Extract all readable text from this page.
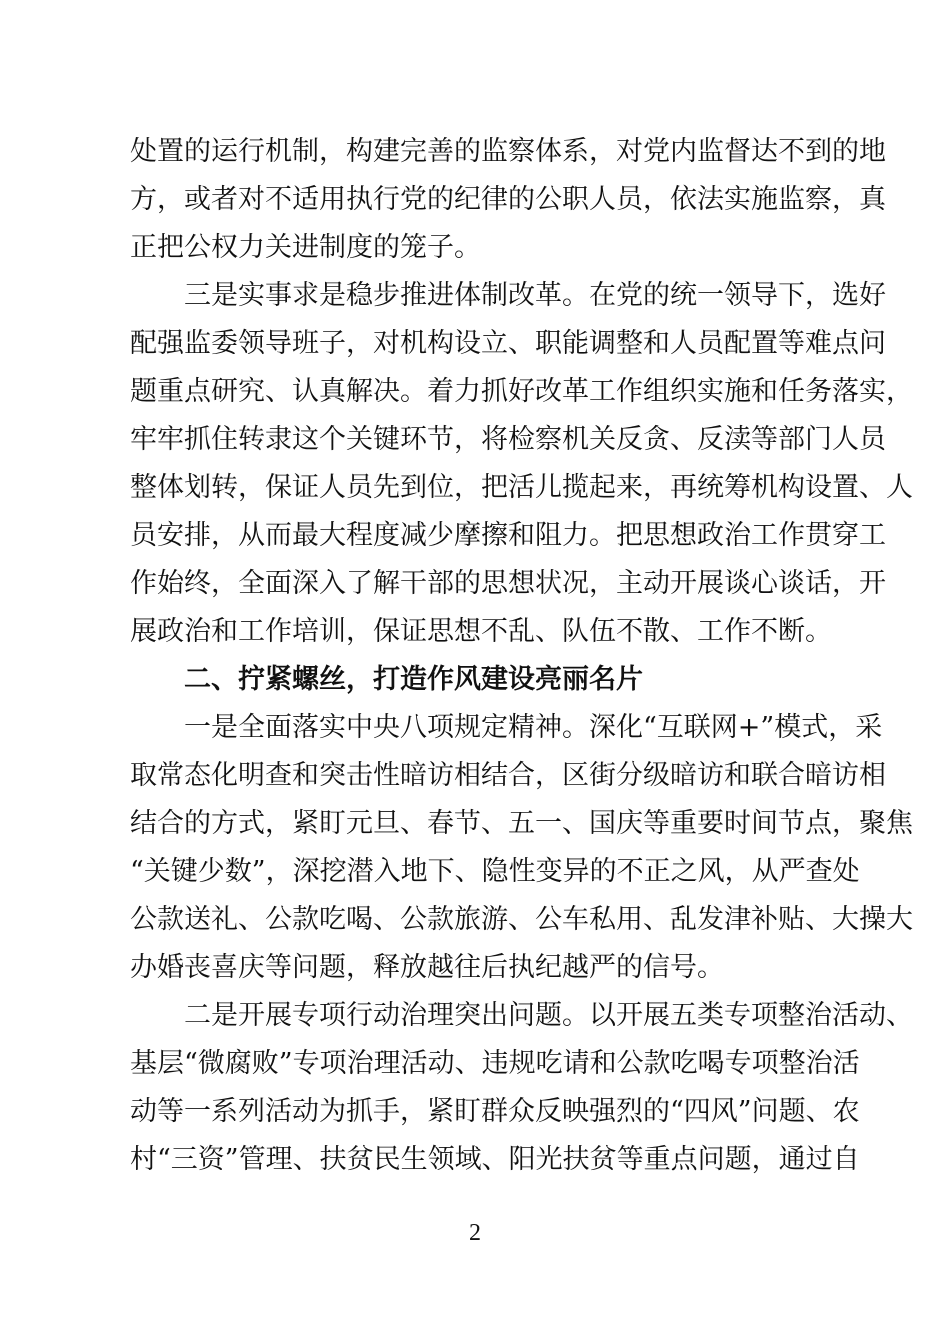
处置的运行机制，构建完善的监察体系，对党内监督达不到的地
方，或者对不适用执行党的纪律的公职人员，依法实施监察，真
正把公权力关进制度的笼子。
三是实事求是稳步推进体制改革。在党的统一领导下，选好
配强监委领导班子，对机构设立、职能调整和人员配置等难点问
题重点研究、认真解决。着力抓好改革工作组织实施和任务落实，
牢牢抓住转隶这个关键环节，将检察机关反贪、反渎等部门人员
整体划转，保证人员先到位，把活儿揽起来，再统筹机构设置、人
员安排，从而最大程度减少摩擦和阻力。把思想政治工作贯穿工
作始终，全面深入了解干部的思想状况，主动开展谈心谈话，开
展政治和工作培训，保证思想不乱、队伍不散、工作不断。
二、拧紧螺丝，打造作风建设亮丽名片
一是全面落实中央八项规定精神。深化“互联网+”模式，采
取常态化明查和突击性暗访相结合，区街分级暗访和联合暗访相
结合的方式，紧盯元旦、春节、五一、国庆等重要时间节点，聚焦
“关键少数”，深挖潜入地下、隐性变异的不正之风，从严查处
公款送礼、公款吃喝、公款旅游、公车私用、乱发津补贴、大操大
办婚丧喜庆等问题，释放越往后执纪越严的信号。
二是开展专项行动治理突出问题。以开展五类专项整治活动、
基层“微腐败”专项治理活动、违规吃请和公款吃喝专项整治活
动等一系列活动为抓手，紧盯群众反映强烈的“四风”问题、农
村“三资”管理、扶贫民生领域、阳光扶贫等重点问题，通过自
2
